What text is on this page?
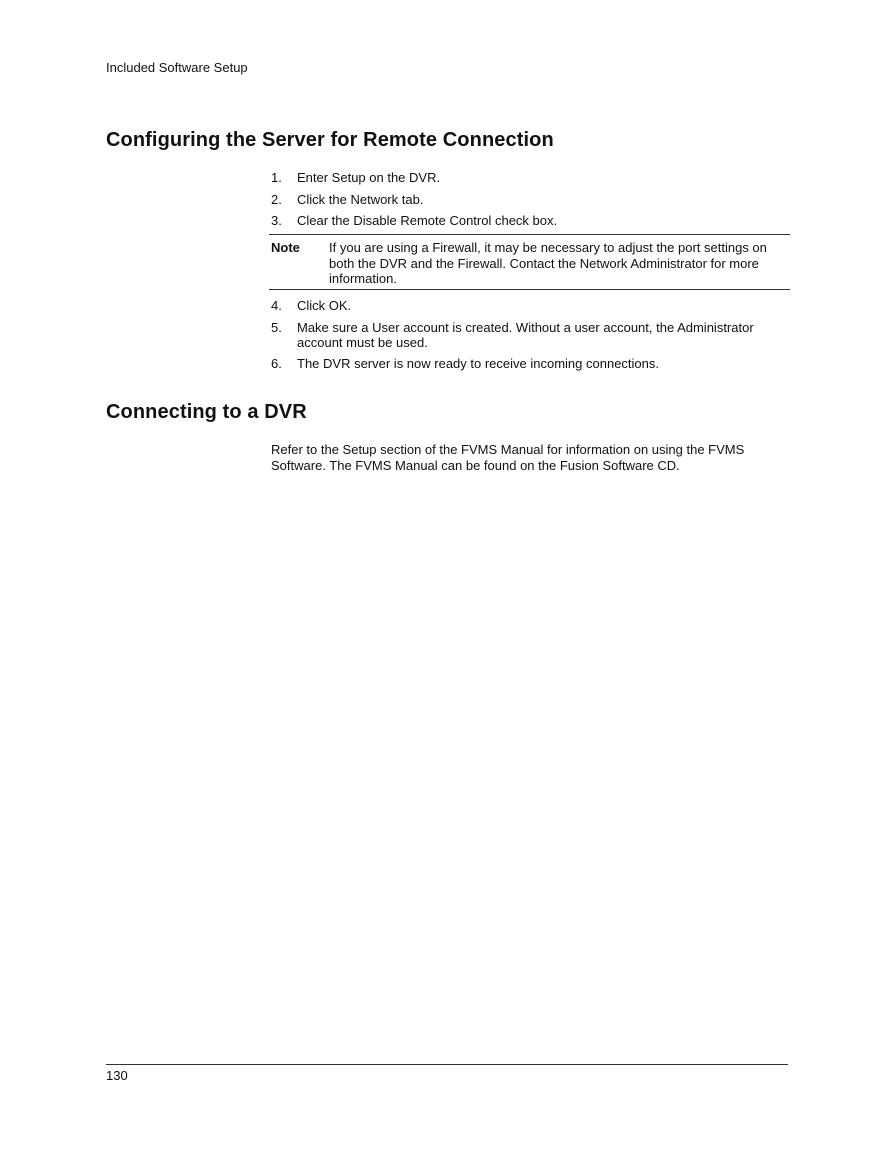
Included Software Setup
Configuring the Server for Remote Connection
1.	Enter Setup on the DVR.
2.	Click the Network tab.
3.	Clear the Disable Remote Control check box.
Note If you are using a Firewall, it may be necessary to adjust the port settings on both the DVR and the Firewall. Contact the Network Administrator for more information.
4.	Click OK.
5.	Make sure a User account is created. Without a user account, the Administrator account must be used.
6.	The DVR server is now ready to receive incoming connections.
Connecting to a DVR

Refer to the Setup section of the FVMS Manual for information on using the FVMS Software. The FVMS Manual can be found on the Fusion Software CD.

130
